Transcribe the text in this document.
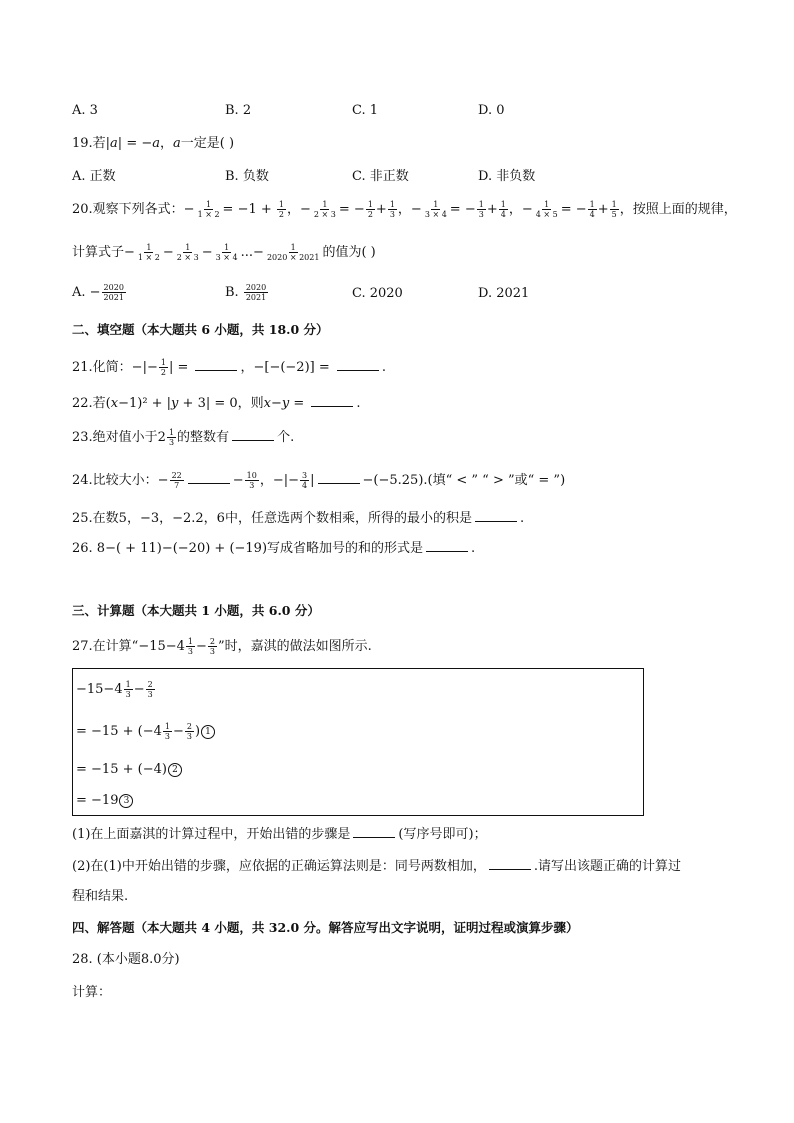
A. 3	B. 2	C. 1	D. 0
19.若|𝑎| = −𝑎，𝑎一定是( )
A. 正数	B. 负数	C. 非正数	D. 非负数
20.观察下列各式：− $\frac{1}{1 \times 2} = -1 + \frac{1}{2}$ ，− $\frac{1}{2 \times 3}$ = − $\frac{1}{2} + \frac{1}{3}$ ，− $\frac{1}{3 \times 4}$ = − $\frac{1}{3} + \frac{1}{4}$ ，− $\frac{1}{4 \times 5}$ = − $\frac{1}{4} + \frac{1}{5}$ ，按照上面的规律，
计算式子− $\frac{1}{1 \times 2} - \frac{1}{2 \times 3} - \frac{1}{3 \times 4}$ ...− $\frac{1}{2020 \times 2021}$ 的值为( )
A. − $\frac{2020}{2021}$	B. $\frac{2020}{2021}$	C. 2020	D. 2021
二、填空题（本大题共 6 小题，共 18.0 分）
21.化简：−|− $\frac{1}{2}$ | =	，−[−(−2)] =	.
22.若(𝑥−1)² + |𝑦 + 3| = 0，则𝑥−𝑦 =	.
23.绝对值小于$2 \frac{1}{3}$ 的整数有	个.
24.比较大小：− $\frac{22}{7}$	− $\frac{10}{3}$ ，−|− $\frac{3}{4}$ |	−(−5.25).(填“ < ” “ > ”或“ = ”)
25.在数5，−3，−2.2，6中，任意选两个数相乘，所得的最小的积是	.
26. 8−( + 11)−(−20) + (−19)写成省略加号的和的形式是	.
三、计算题（本大题共 1 小题，共 6.0 分）
27.在计算“$-15-4 \frac{1}{3} - \frac{2}{3}$ ”时，嘉淇的做法如图所示.
$-15-4 \frac{1}{3} - \frac{2}{3}$
= $-15 + (-4 \frac{1}{3} - \frac{2}{3}$ ) 1
= −15 + (−4) 2
= −19 3
(1)在上面嘉淇的计算过程中，开始出错的步骤是	(写序号即可)；
(2)在(1)中开始出错的步骤，应依据的正确运算法则是：同号两数相加，	.请写出该题正确的计算过
程和结果.
四、解答题（本大题共 4 小题，共 32.0 分。解答应写出文字说明，证明过程或演算步骤）
28. (本小题8.0分)
计算：
